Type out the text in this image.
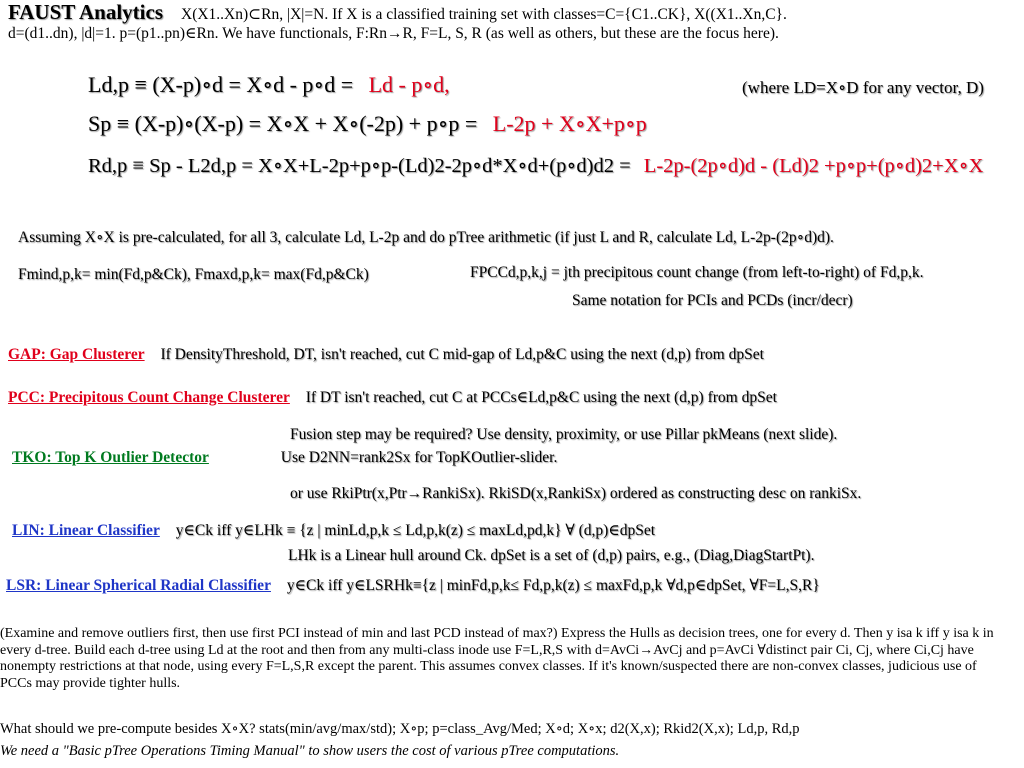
FAUST Analytics X(X1..Xn)⊂Rn, |X|=N. If X is a classified training set with classes=C={C1..CK}, X((X1..Xn,C}.
d=(d1..dn), |d|=1. p=(p1..pn)∈Rn. We have functionals, F:Rn→R, F=L, S, R (as well as others, but these are the focus here).
Ld,p ≡ (X-p)∘d = X∘d - p∘d = Ld - p∘d,	(where LD=X∘D for any vector, D)
Sp ≡ (X-p)∘(X-p) = X∘X + X∘(-2p) + p∘p = L-2p + X∘X+p∘p
Rd,p ≡ Sp - L2d,p = X∘X+L-2p+p∘p-(Ld)2-2p∘d*X∘d+(p∘d)d2 = L-2p-(2p∘d)d - (Ld)2 +p∘p+(p∘d)2+X∘X
Assuming X∘X is pre-calculated, for all 3, calculate Ld, L-2p and do pTree arithmetic (if just L and R, calculate Ld, L-2p-(2p∘d)d).
Fmind,p,k= min(Fd,p&Ck), Fmaxd,p,k= max(Fd,p&Ck)	FPCCd,p,k,j = jth precipitous count change (from left-to-right) of Fd,p,k.
Same notation for PCIs and PCDs (incr/decr)
GAP: Gap Clusterer If DensityThreshold, DT, isn't reached, cut C mid-gap of Ld,p&C using the next (d,p) from dpSet
PCC: Precipitous Count Change Clusterer If DT isn't reached, cut C at PCCs∈Ld,p&C using the next (d,p) from dpSet
Fusion step may be required? Use density, proximity, or use Pillar pkMeans (next slide).
TKO: Top K Outlier Detector	Use D2NN=rank2Sx for TopKOutlier-slider.
or use RkiPtr(x,Ptr→RankiSx). RkiSD(x,RankiSx) ordered as constructing desc on rankiSx.
LIN: Linear Classifier y∈Ck iff y∈LHk ≡ {z | minLd,p,k ≤ Ld,p,k(z) ≤ maxLd,pd,k} ∀ (d,p)∈dpSet
LHk is a Linear hull around Ck. dpSet is a set of (d,p) pairs, e.g., (Diag,DiagStartPt).
LSR: Linear Spherical Radial Classifier y∈Ck iff y∈LSRHk≡{z | minFd,p,k≤ Fd,p,k(z) ≤ maxFd,p,k ∀d,p∈dpSet, ∀F=L,S,R}
(Examine and remove outliers first, then use first PCI instead of min and last PCD instead of max?) Express the Hulls as decision trees, one for every d. Then y isa k iff y isa k in every d-tree. Build each d-tree using Ld at the root and then from any multi-class inode use F=L,R,S with d=AvCi→AvCj and p=AvCi ∀distinct pair Ci, Cj, where Ci,Cj have nonempty restrictions at that node, using every F=L,S,R except the parent. This assumes convex classes. If it's known/suspected there are non-convex classes, judicious use of PCCs may provide tighter hulls.
What should we pre-compute besides X∘X? stats(min/avg/max/std); X∘p; p=class_Avg/Med; X∘d; X∘x; d2(X,x); Rkid2(X,x); Ld,p, Rd,p
We need a "Basic pTree Operations Timing Manual" to show users the cost of various pTree computations.
